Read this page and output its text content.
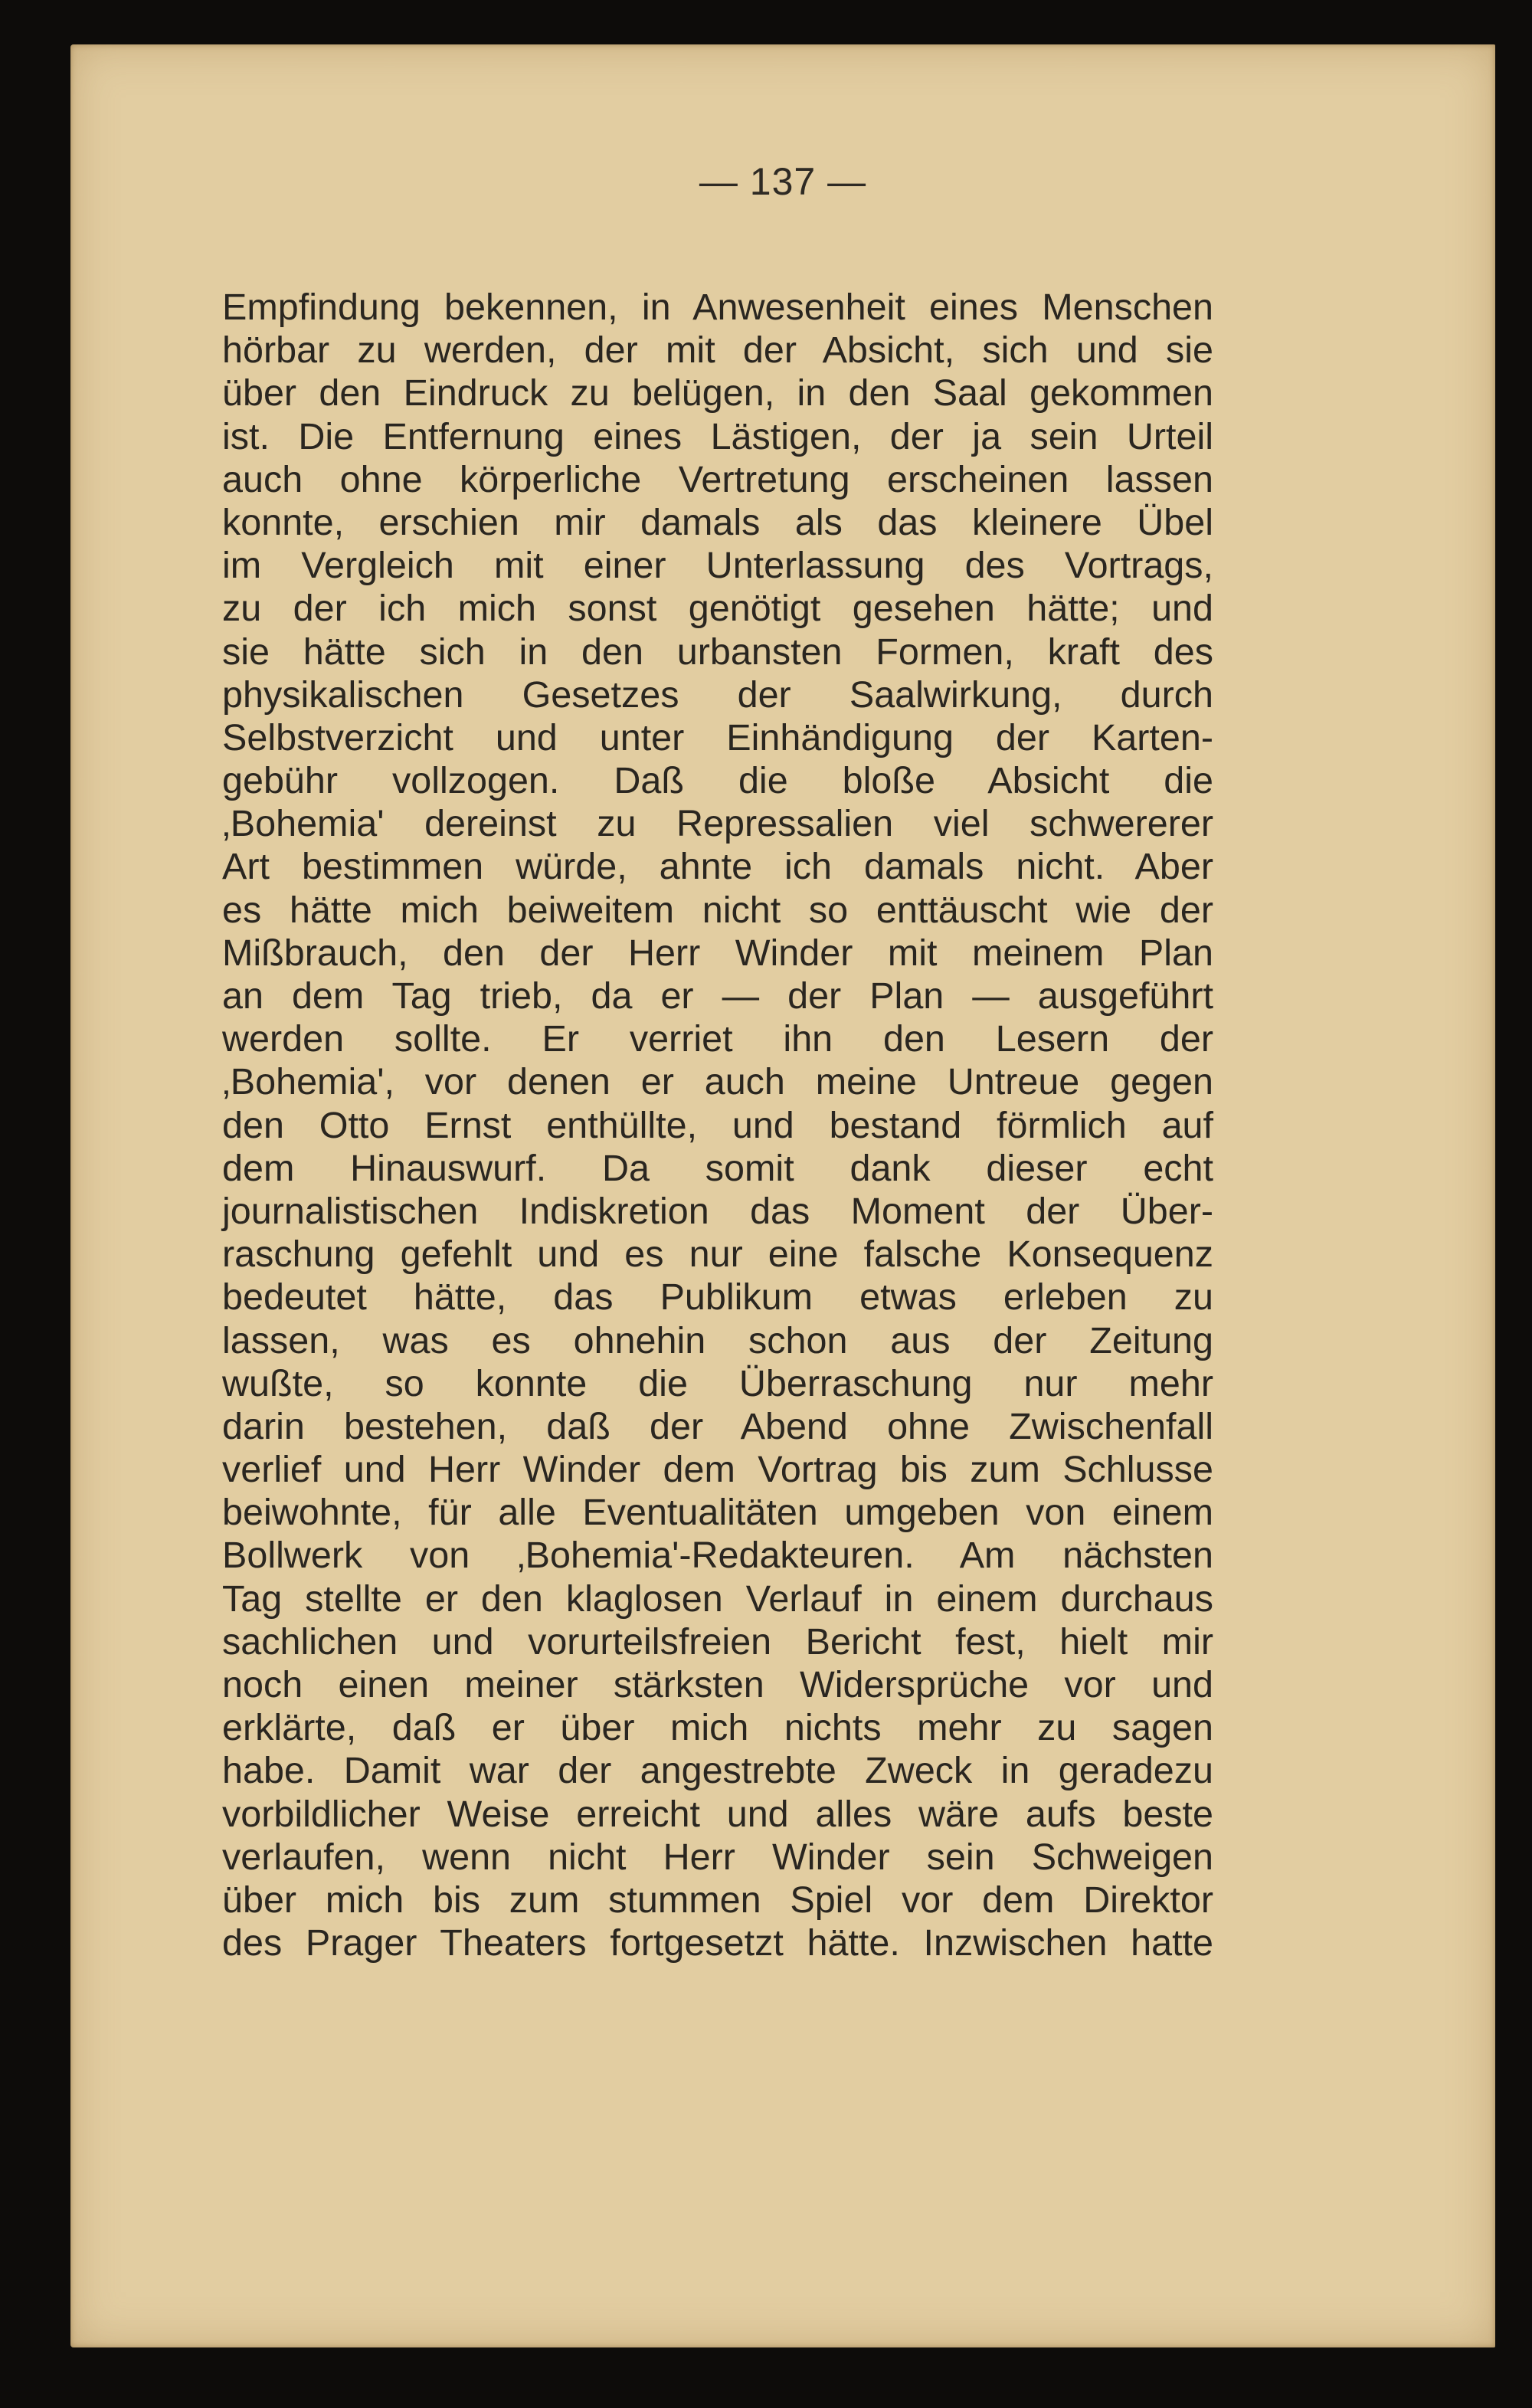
— 137 —
Empfindung bekennen, in Anwesenheit eines Menschen
hörbar zu werden, der mit der Absicht, sich und sie
über den Eindruck zu belügen, in den Saal gekommen
ist. Die Entfernung eines Lästigen, der ja sein Urteil
auch ohne körperliche Vertretung erscheinen lassen
konnte, erschien mir damals als das kleinere Übel
im Vergleich mit einer Unterlassung des Vortrags,
zu der ich mich sonst genötigt gesehen hätte; und
sie hätte sich in den urbansten Formen, kraft des
physikalischen Gesetzes der Saalwirkung, durch
Selbstverzicht und unter Einhändigung der Karten-
gebühr vollzogen. Daß die bloße Absicht die
‚Bohemia' dereinst zu Repressalien viel schwererer
Art bestimmen würde, ahnte ich damals nicht. Aber
es hätte mich beiweitem nicht so enttäuscht wie der
Mißbrauch, den der Herr Winder mit meinem Plan
an dem Tag trieb, da er — der Plan — ausgeführt
werden sollte. Er verriet ihn den Lesern der
‚Bohemia', vor denen er auch meine Untreue gegen
den Otto Ernst enthüllte, und bestand förmlich auf
dem Hinauswurf. Da somit dank dieser echt
journalistischen Indiskretion das Moment der Über-
raschung gefehlt und es nur eine falsche Konsequenz
bedeutet hätte, das Publikum etwas erleben zu
lassen, was es ohnehin schon aus der Zeitung
wußte, so konnte die Überraschung nur mehr
darin bestehen, daß der Abend ohne Zwischenfall
verlief und Herr Winder dem Vortrag bis zum Schlusse
beiwohnte, für alle Eventualitäten umgeben von einem
Bollwerk von ‚Bohemia'-Redakteuren. Am nächsten
Tag stellte er den klaglosen Verlauf in einem durchaus
sachlichen und vorurteilsfreien Bericht fest, hielt mir
noch einen meiner stärksten Widersprüche vor und
erklärte, daß er über mich nichts mehr zu sagen
habe. Damit war der angestrebte Zweck in geradezu
vorbildlicher Weise erreicht und alles wäre aufs beste
verlaufen, wenn nicht Herr Winder sein Schweigen
über mich bis zum stummen Spiel vor dem Direktor
des Prager Theaters fortgesetzt hätte. Inzwischen hatte
